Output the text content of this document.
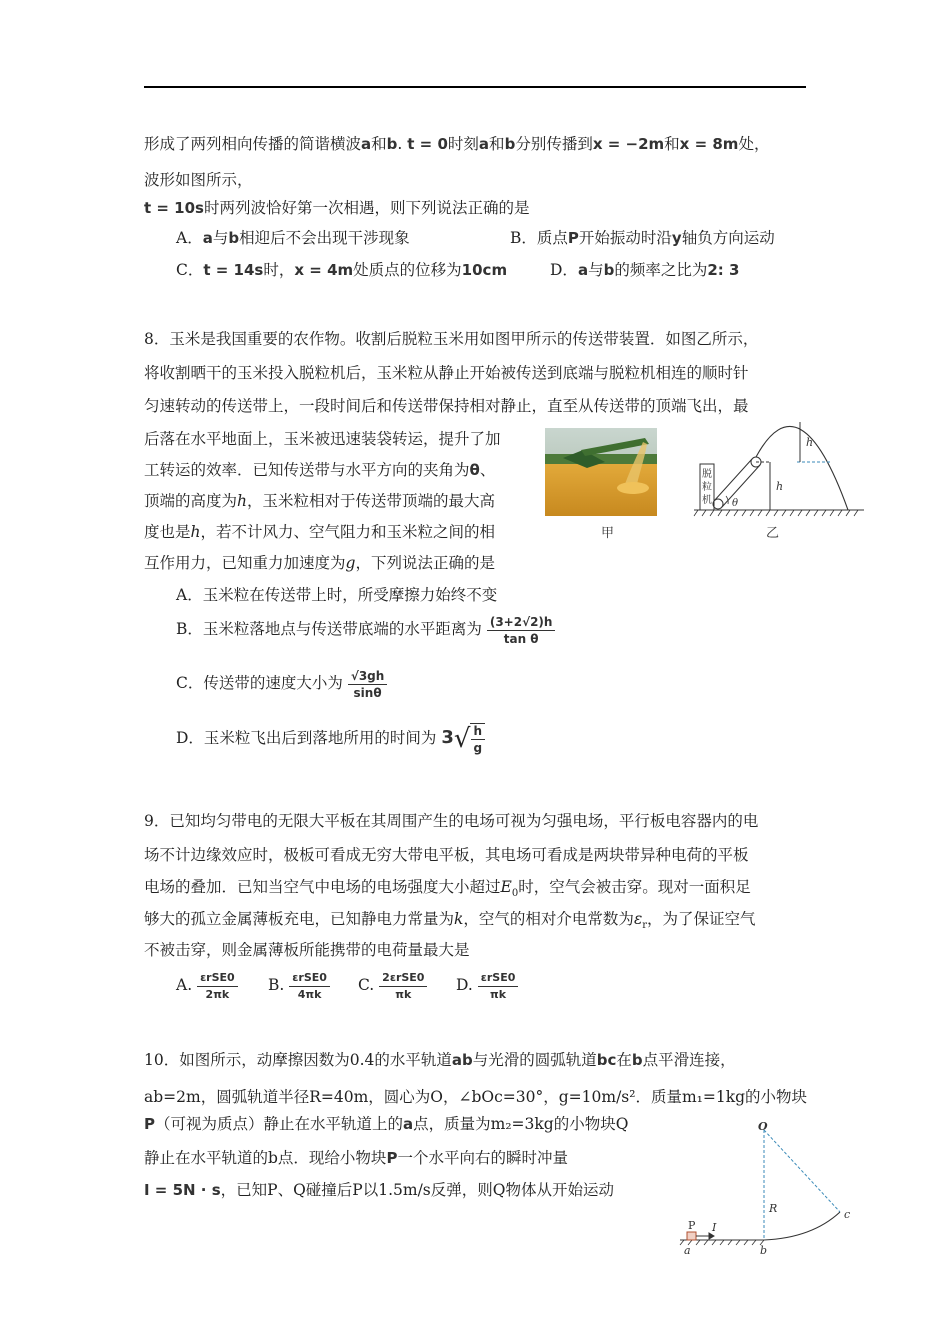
形成了两列相向传播的简谐横波a和b. t = 0时刻a和b分别传播到x = −2m和x = 8m处，
波形如图所示，
t = 10s时两列波恰好第一次相遇，则下列说法正确的是
A．a与b相迎后不会出现干涉现象	B．质点P开始振动时沿y轴负方向运动
C．t = 14s时，x = 4m处质点的位移为10cm	D．a与b的频率之比为2: 3
8．玉米是我国重要的农作物。收割后脱粒玉米用如图甲所示的传送带装置．如图乙所示，
将收割晒干的玉米投入脱粒机后，玉米粒从静止开始被传送到底端与脱粒机相连的顺时针
匀速转动的传送带上，一段时间后和传送带保持相对静止，直至从传送带的顶端飞出，最
后落在水平地面上，玉米被迅速装袋转运，提升了加
工转运的效率．已知传送带与水平方向的夹角为θ、
顶端的高度为h，玉米粒相对于传送带顶端的最大高
度也是h，若不计风力、空气阻力和玉米粒之间的相
互作用力，已知重力加速度为g，下列说法正确的是
A．玉米粒在传送带上时，所受摩擦力始终不变
B．玉米粒落地点与传送带底端的水平距离为 $\frac{(3+2√2)h}{\text{tan θ}}$
C．传送带的速度大小为 $\frac{√3gh}{\sin\theta}$
D．玉米粒飞出后到落地所用的时间为 $3√ \frac{h}{g}$
甲
脱
粒
机
h
h
θ
乙
9．已知均匀带电的无限大平板在其周围产生的电场可视为匀强电场，平行板电容器内的电
场不计边缘效应时，极板可看成无穷大带电平板，其电场可看成是两块带异种电荷的平板
电场的叠加．已知当空气中电场的电场强度大小超过$E_0$时，空气会被击穿。现对一面积足
够大的孤立金属薄板充电，已知静电力常量为k，空气的相对介电常数为$\varepsilon_r$，为了保证空气
不被击穿，则金属薄板所能携带的电荷量最大是
A. $\frac{\text{εrSE0}}{2\pi k} B$. $\frac{\text{εrSE0}}{4\pi k} C$. $\frac{\text{2εrSE0}}{\pi k} D$. $\frac{\text{εrSE0}}{\pi k}$
10．如图所示，动摩擦因数为0.4的水平轨道ab与光滑的圆弧轨道bc在b点平滑连接，
ab=2m，圆弧轨道半径R=40m，圆心为O，∠bOc=30°，g=10m/s²．质量m₁=1kg的小物块
P（可视为质点）静止在水平轨道上的a点，质量为m₂=3kg的小物块Q
静止在水平轨道的b点．现给小物块P一个水平向右的瞬时冲量
I = 5N · s，已知P、Q碰撞后P以1.5m/s反弹，则Q物体从开始运动
O
R	c
P I
a	b
